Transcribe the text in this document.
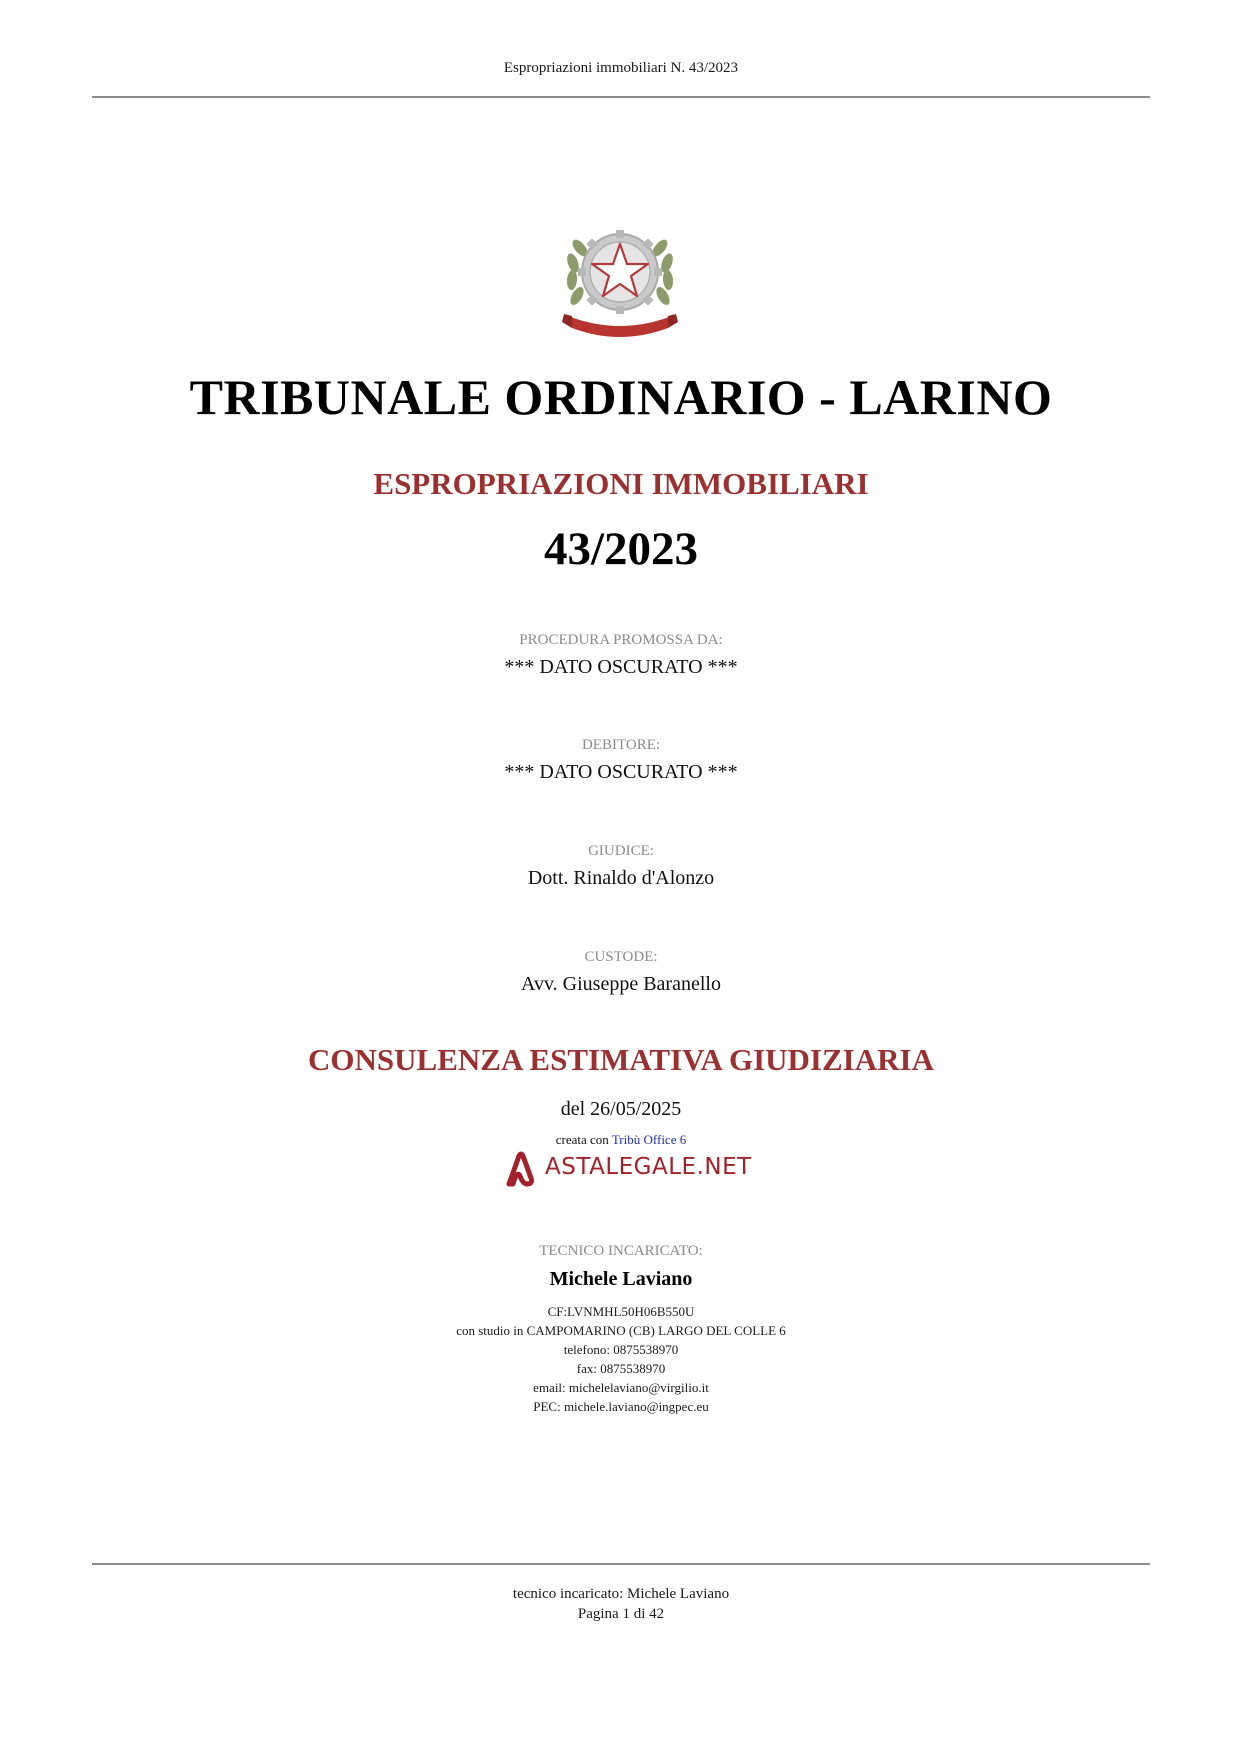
Espropriazioni immobiliari N. 43/2023
TRIBUNALE ORDINARIO - LARINO
ESPROPRIAZIONI IMMOBILIARI
43/2023
PROCEDURA PROMOSSA DA:
*** DATO OSCURATO ***
DEBITORE:
*** DATO OSCURATO ***
GIUDICE:
Dott. Rinaldo d'Alonzo
CUSTODE:
Avv. Giuseppe Baranello
CONSULENZA ESTIMATIVA GIUDIZIARIA
del 26/05/2025
creata con Tribù Office 6
ASTALEGALE.NET
TECNICO INCARICATO:
Michele Laviano
CF:LVNMHL50H06B550U
con studio in CAMPOMARINO (CB) LARGO DEL COLLE 6
telefono: 0875538970
fax: 0875538970
email: michelelaviano@virgilio.it
PEC: michele.laviano@ingpec.eu
tecnico incaricato: Michele Laviano
Pagina 1 di 42
